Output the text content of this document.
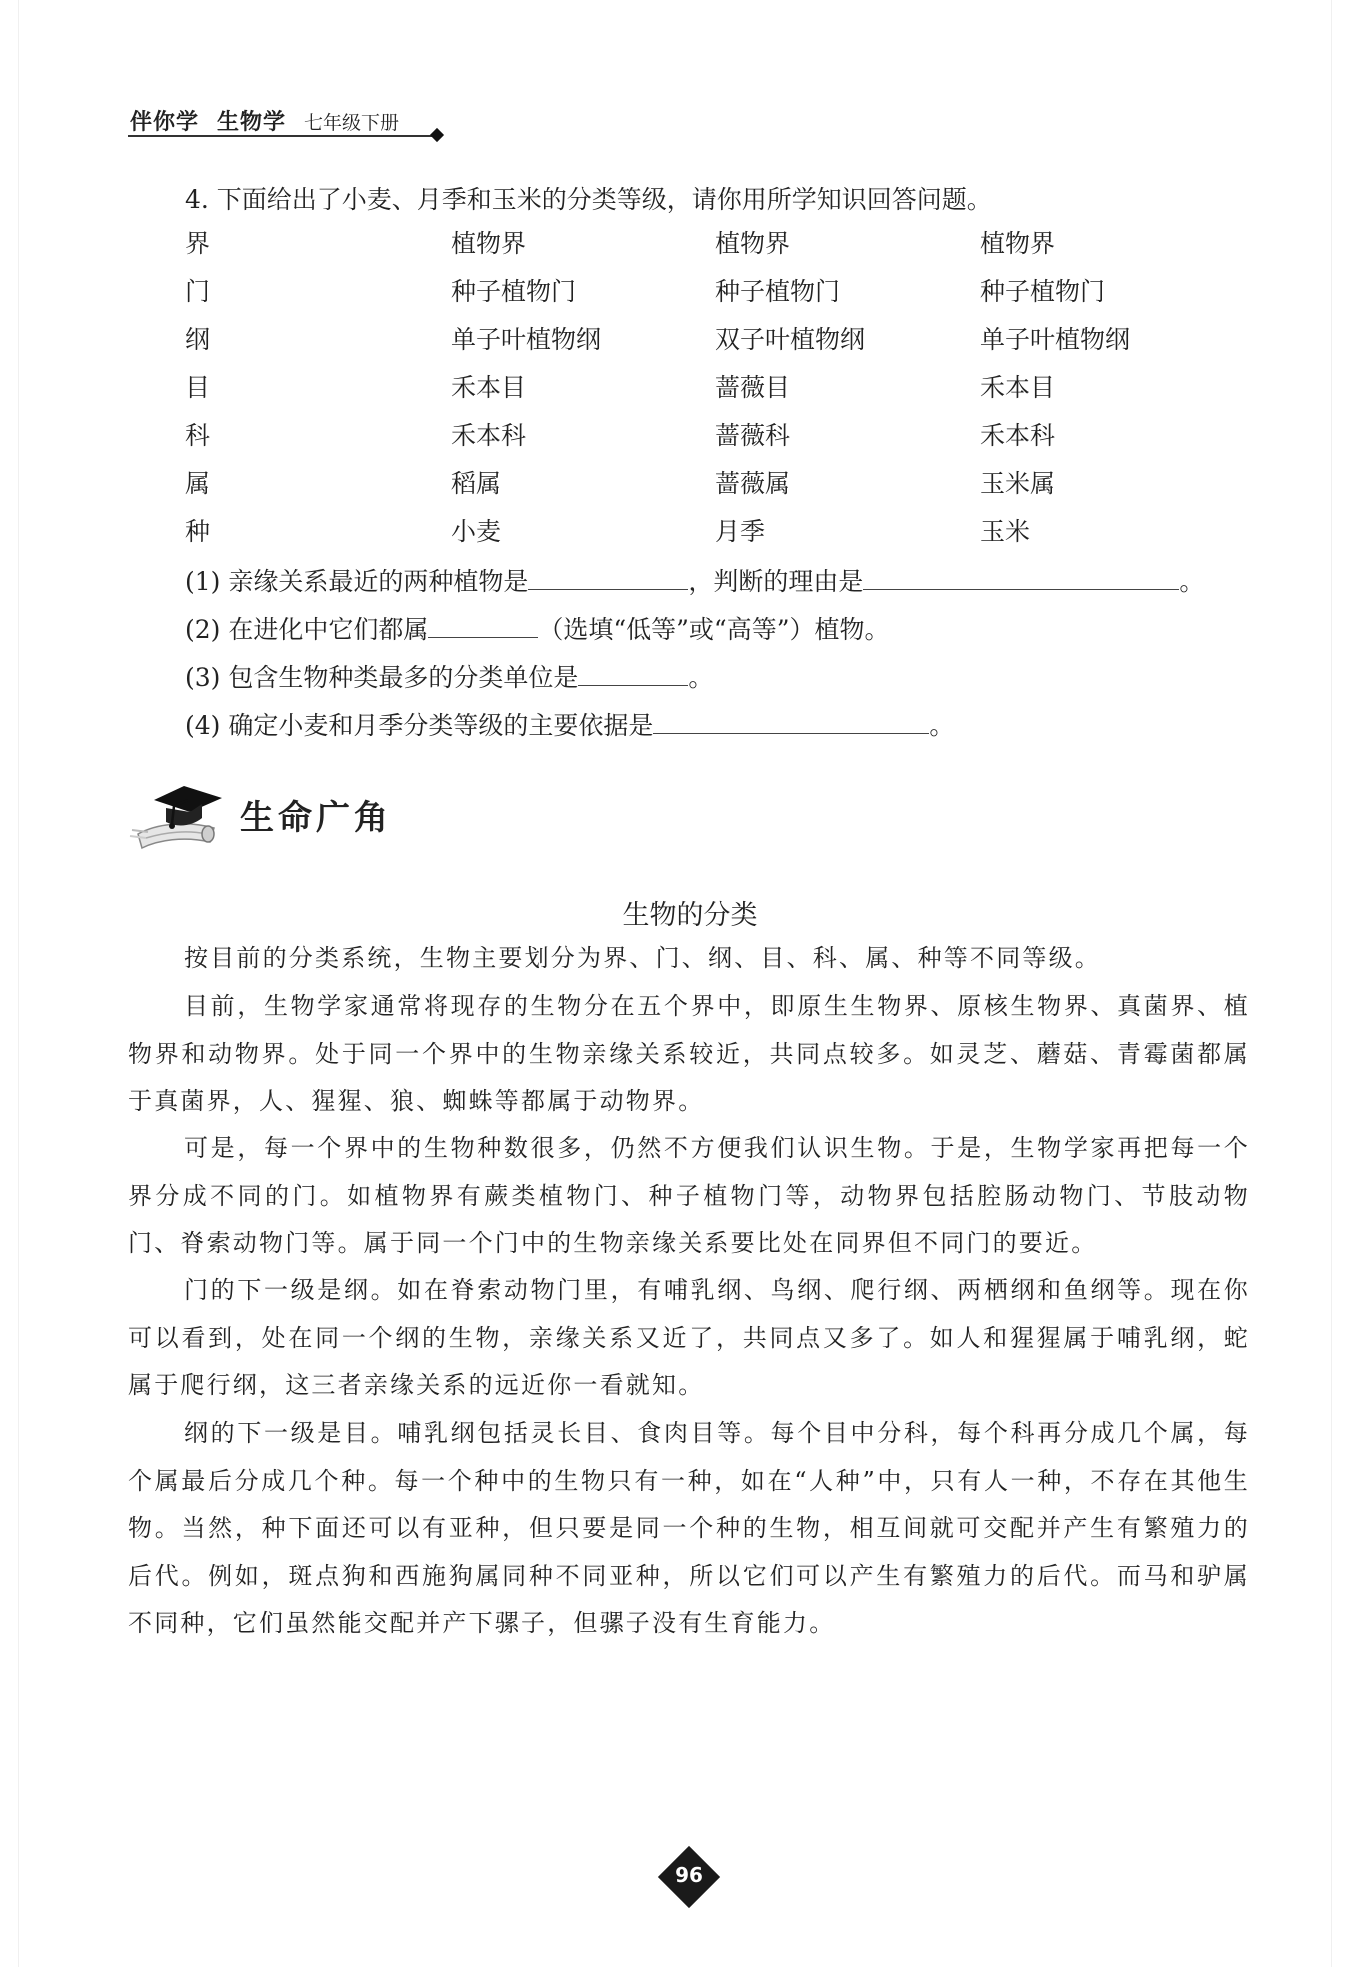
伴你学 生物学 七年级下册
4. 下面给出了小麦、月季和玉米的分类等级，请你用所学知识回答问题。
界	植物界	植物界	植物界
门	种子植物门	种子植物门	种子植物门
纲	单子叶植物纲	双子叶植物纲	单子叶植物纲
目	禾本目	蔷薇目	禾本目
科	禾本科	蔷薇科	禾本科
属	稻属	蔷薇属	玉米属
种	小麦	月季	玉米
(1) 亲缘关系最近的两种植物是	，判断的理由是	。
(2) 在进化中它们都属	（选填“低等”或“高等”）植物。
(3) 包含生物种类最多的分类单位是	。
(4) 确定小麦和月季分类等级的主要依据是	。
生命广角
生物的分类
按目前的分类系统，生物主要划分为界、门、纲、目、科、属、种等不同等级。
目前，生物学家通常将现存的生物分在五个界中，即原生生物界、原核生物界、真菌界、植物界和动物界。处于同一个界中的生物亲缘关系较近，共同点较多。如灵芝、蘑菇、青霉菌都属于真菌界，人、猩猩、狼、蜘蛛等都属于动物界。
可是，每一个界中的生物种数很多，仍然不方便我们认识生物。于是，生物学家再把每一个界分成不同的门。如植物界有蕨类植物门、种子植物门等，动物界包括腔肠动物门、节肢动物门、脊索动物门等。属于同一个门中的生物亲缘关系要比处在同界但不同门的要近。
门的下一级是纲。如在脊索动物门里，有哺乳纲、鸟纲、爬行纲、两栖纲和鱼纲等。现在你可以看到，处在同一个纲的生物，亲缘关系又近了，共同点又多了。如人和猩猩属于哺乳纲，蛇属于爬行纲，这三者亲缘关系的远近你一看就知。
纲的下一级是目。哺乳纲包括灵长目、食肉目等。每个目中分科，每个科再分成几个属，每个属最后分成几个种。每一个种中的生物只有一种，如在“人种”中，只有人一种，不存在其他生物。当然，种下面还可以有亚种，但只要是同一个种的生物，相互间就可交配并产生有繁殖力的后代。例如，斑点狗和西施狗属同种不同亚种，所以它们可以产生有繁殖力的后代。而马和驴属不同种，它们虽然能交配并产下骡子，但骡子没有生育能力。
96
